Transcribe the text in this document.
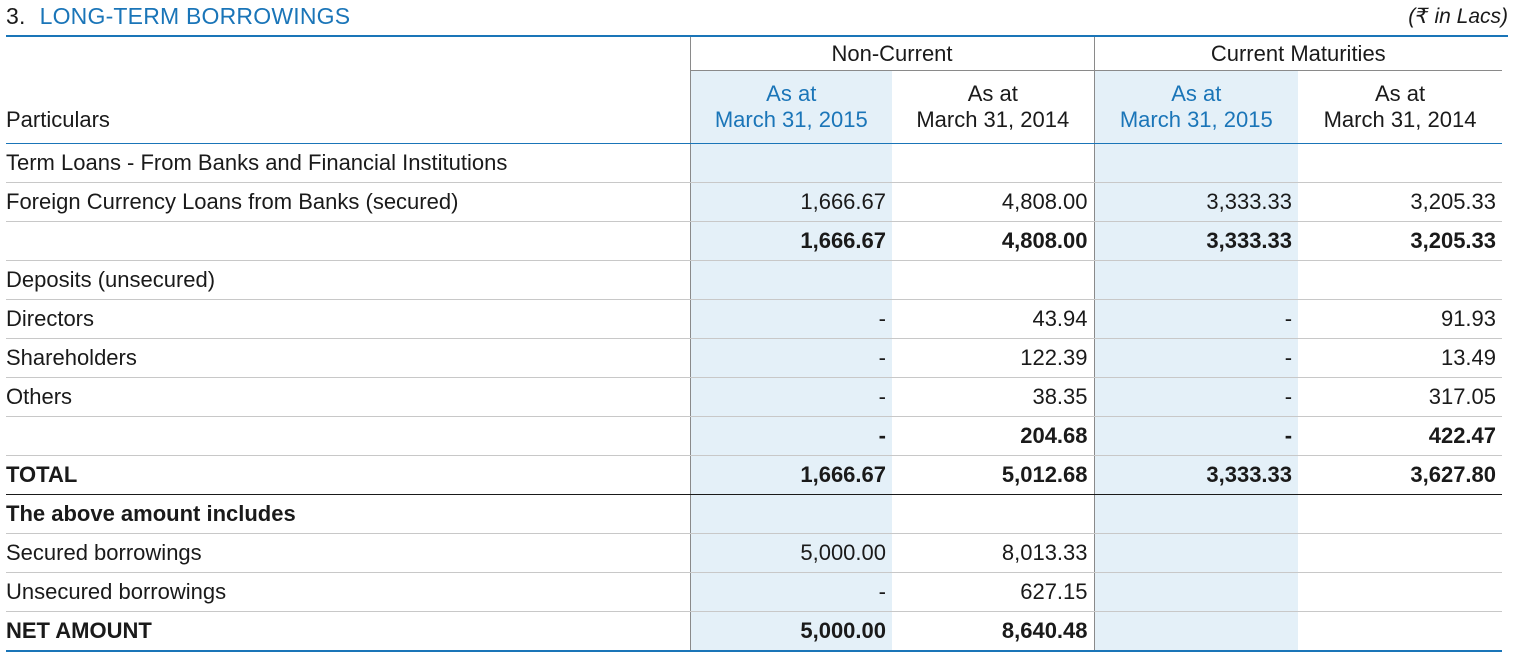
3. LONG-TERM BORROWINGS	(₹ in Lacs)
	Non-Current		Current Maturities	
	As at	As at	As at	As at
Particulars	March 31, 2015	March 31, 2014	March 31, 2015	March 31, 2014
Term Loans - From Banks and Financial Institutions				
Foreign Currency Loans from Banks (secured)	1,666.67	4,808.00	3,333.33	3,205.33
	1,666.67	4,808.00	3,333.33	3,205.33
Deposits (unsecured)				
Directors	-	43.94	-	91.93
Shareholders	-	122.39	-	13.49
Others	-	38.35	-	317.05
	-	204.68	-	422.47
TOTAL	1,666.67	5,012.68	3,333.33	3,627.80
The above amount includes				
Secured borrowings	5,000.00	8,013.33		
Unsecured borrowings	-	627.15		
NET AMOUNT	5,000.00	8,640.48		
